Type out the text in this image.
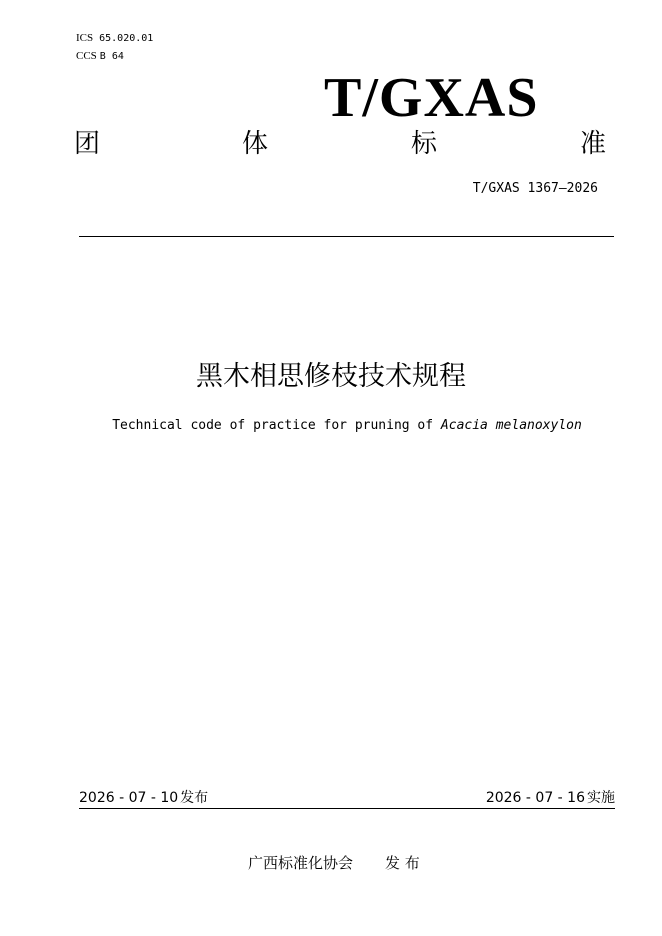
ICS 65.020.01
CCS B 64
T/GXAS
团	体	标	准
T/GXAS 1367—2026
黑木相思修枝技术规程
Technical code of practice for pruning of Acacia melanoxylon
2026 - 07 - 10 发布	2026 - 07 - 16 实施
广西标准化协会 发 布
